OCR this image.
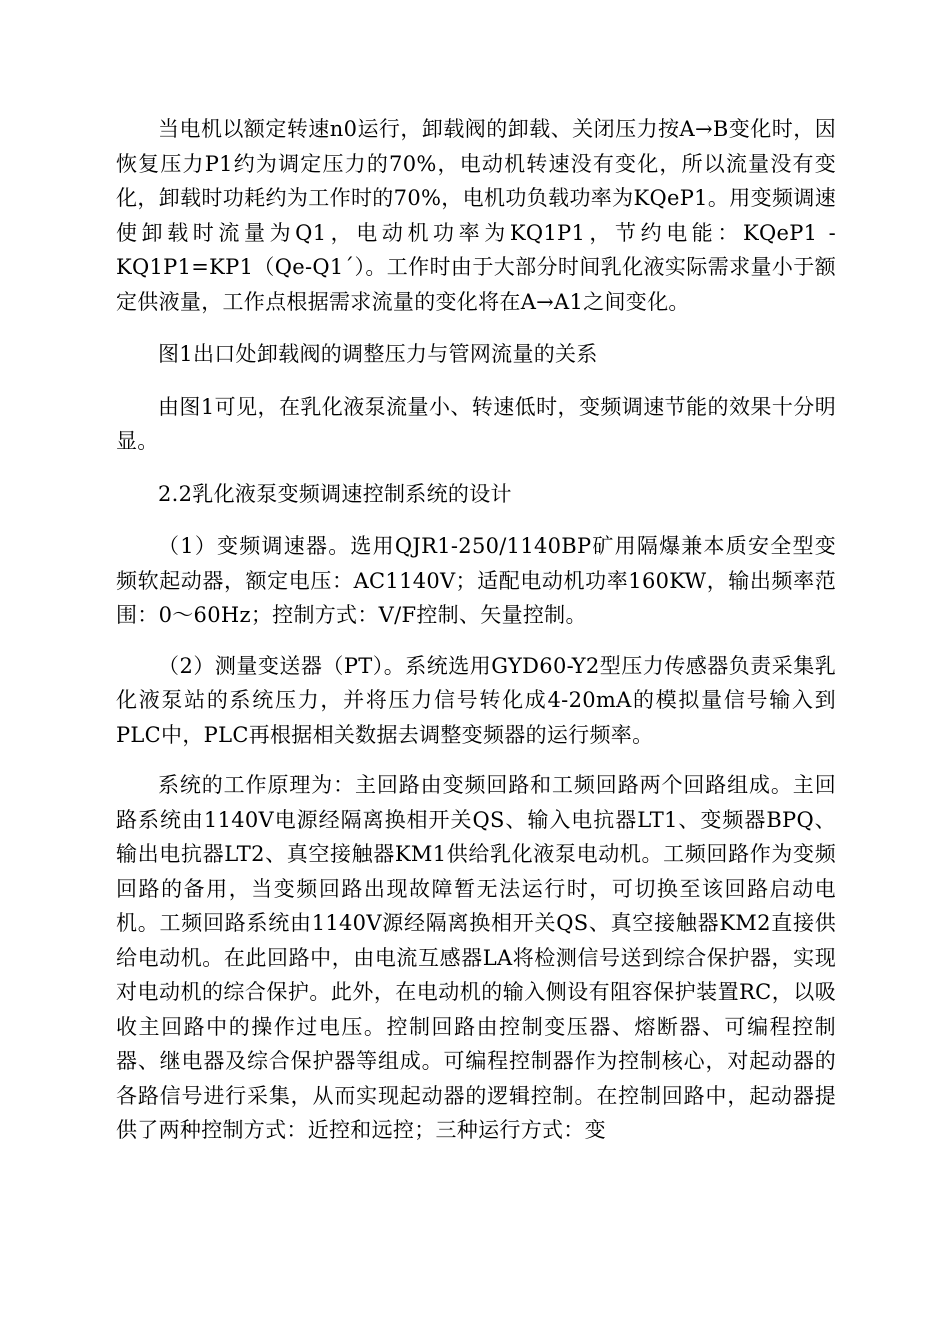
当电机以额定转速n0运行，卸载阀的卸载、关闭压力按A→B变化时，因恢复压力P1约为调定压力的70%，电动机转速没有变化，所以流量没有变化，卸载时功耗约为工作时的70%，电机功负载功率为KQeP1。用变频调速使卸载时流量为Q1，电动机功率为KQ1P1，节约电能：KQeP1 - KQ1P1=KP1（Qe-Q1´）。工作时由于大部分时间乳化液实际需求量小于额定供液量，工作点根据需求流量的变化将在A→A1之间变化。

图1出口处卸载阀的调整压力与管网流量的关系

由图1可见，在乳化液泵流量小、转速低时，变频调速节能的效果十分明显。

2.2乳化液泵变频调速控制系统的设计

（1）变频调速器。选用QJR1-250/1140BP矿用隔爆兼本质安全型变频软起动器，额定电压：AC1140V；适配电动机功率160KW，输出频率范围：0～60Hz；控制方式：V/F控制、矢量控制。

（2）测量变送器（PT）。系统选用GYD60-Y2型压力传感器负责采集乳化液泵站的系统压力，并将压力信号转化成4-20mA的模拟量信号输入到PLC中，PLC再根据相关数据去调整变频器的运行频率。

系统的工作原理为：主回路由变频回路和工频回路两个回路组成。主回路系统由1140V电源经隔离换相开关QS、输入电抗器LT1、变频器BPQ、输出电抗器LT2、真空接触器KM1供给乳化液泵电动机。工频回路作为变频回路的备用，当变频回路出现故障暂无法运行时，可切换至该回路启动电机。工频回路系统由1140V源经隔离换相开关QS、真空接触器KM2直接供给电动机。在此回路中，由电流互感器LA将检测信号送到综合保护器，实现对电动机的综合保护。此外，在电动机的输入侧设有阻容保护装置RC，以吸收主回路中的操作过电压。控制回路由控制变压器、熔断器、可编程控制器、继电器及综合保护器等组成。可编程控制器作为控制核心，对起动器的各路信号进行采集，从而实现起动器的逻辑控制。在控制回路中，起动器提供了两种控制方式：近控和远控；三种运行方式：变
